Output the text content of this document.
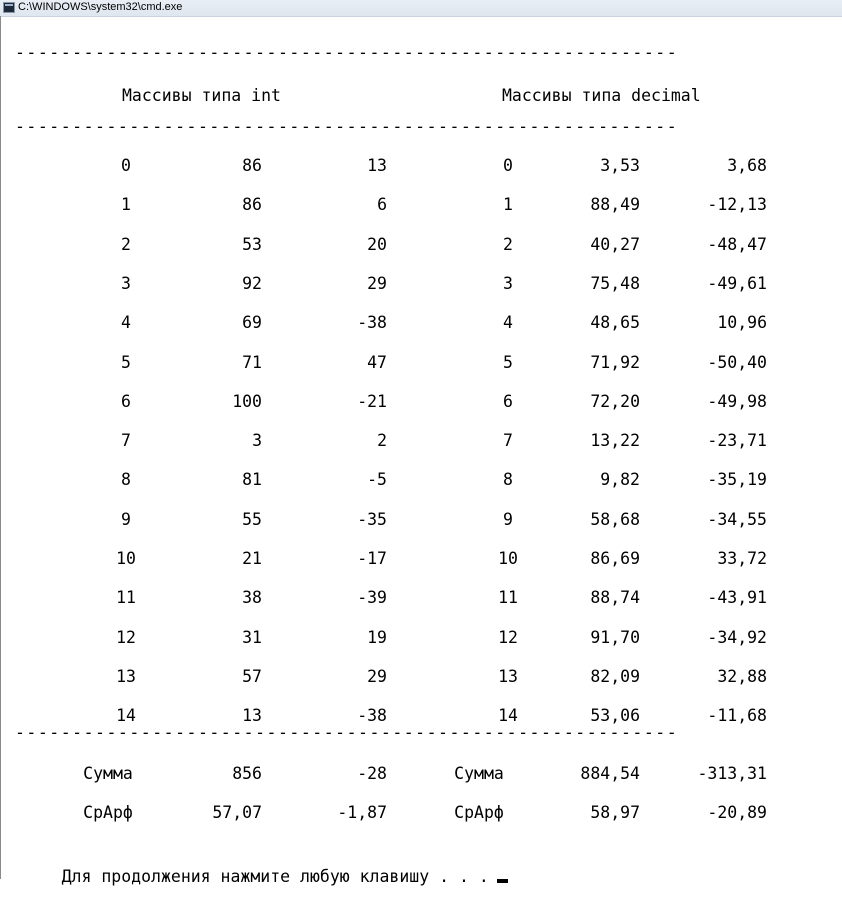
C:\WINDOWS\system32\cmd.exe
----------------------------------------------------------
Массивы типа int	Массивы типа decimal
----------------------------------------------------------
0	86	13	0	3,53	3,68
1	86	6	1	88,49	-12,13
2	53	20	2	40,27	-48,47
3	92	29	3	75,48	-49,61
4	69	-38	4	48,65	10,96
5	71	47	5	71,92	-50,40
6	100	-21	6	72,20	-49,98
7	3	2	7	13,22	-23,71
8	81	-5	8	9,82	-35,19
9	55	-35	9	58,68	-34,55
10	21	-17	10	86,69	33,72
11	38	-39	11	88,74	-43,91
12	31	19	12	91,70	-34,92
13	57	29	13	82,09	32,88
14	13	-38	14	53,06	-11,68
----------------------------------------------------------
Сумма	856	-28	Сумма	884,54	-313,31
СрАрф	57,07	-1,87	СрАрф	58,97	-20,89

Для продолжения нажмите любую клавишу . . .
